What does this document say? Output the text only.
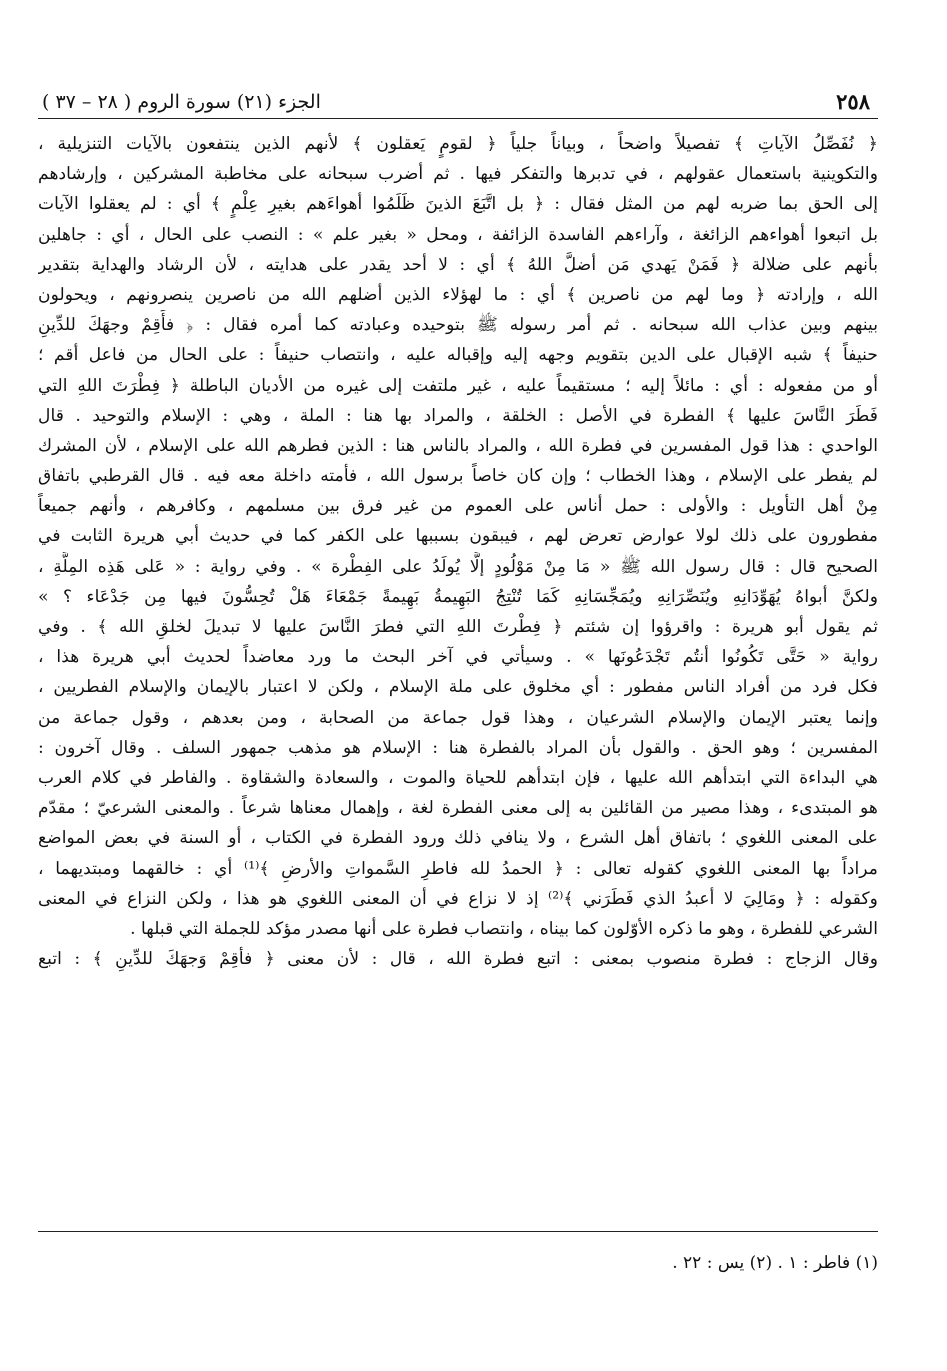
٢٥٨
الجزء (٢١) سورة الروم ( ٢٨ – ٣٧ )
﴿ نُفَصِّلُ الآياتِ ﴾ تفصيلاً واضحاً ، وبياناً جلياً ﴿ لقومٍ يَعقلون ﴾ لأنهم الذين ينتفعون بالآيات التنزيلية ،
والتكوينية باستعمال عقولهم ، في تدبرها والتفكر فيها . ثم أضرب سبحانه على مخاطبة المشركين ، وإرشادهم
إلى الحق بما ضربه لهم من المثل فقال : ﴿ بل اتَّبَعَ الذينَ ظَلَمُوا أهواءَهم بغيرِ عِلْمٍ ﴾ أي : لم يعقلوا الآيات
بل اتبعوا أهواءهم الزائغة ، وآراءهم الفاسدة الزائفة ، ومحل « بغير علم » : النصب على الحال ، أي : جاهلين
بأنهم على ضلالة ﴿ فَمَنْ يَهدي مَن أضلَّ اللهُ ﴾ أي : لا أحد يقدر على هدايته ، لأن الرشاد والهداية بتقدير
الله ، وإرادته ﴿ وما لهم من ناصرين ﴾ أي : ما لهؤلاء الذين أضلهم الله من ناصرين ينصرونهم ، ويحولون
بينهم وبين عذاب الله سبحانه . ثم أمر رسوله ﷺ بتوحيده وعبادته كما أمره فقال : ﴿ فأَقِمْ وجهَكَ للدِّينِ
حنيفاً ﴾ شبه الإقبال على الدين بتقويم وجهه إليه وإقباله عليه ، وانتصاب حنيفاً : على الحال من فاعل أقم ؛
أو من مفعوله : أي : مائلاً إليه ؛ مستقيماً عليه ، غير ملتفت إلى غيره من الأديان الباطلة ﴿ فِطْرَتَ اللهِ التي
فَطَرَ النَّاسَ عليها ﴾ الفطرة في الأصل : الخلقة ، والمراد بها هنا : الملة ، وهي : الإسلام والتوحيد . قال
الواحدي : هذا قول المفسرين في فطرة الله ، والمراد بالناس هنا : الذين فطرهم الله على الإسلام ، لأن المشرك
لم يفطر على الإسلام ، وهذا الخطاب ؛ وإن كان خاصاً برسول الله ، فأمته داخلة معه فيه . قال القرطبي باتفاق
مِنْ أهل التأويل : والأولى : حمل أناس على العموم من غير فرق بين مسلمهم ، وكافرهم ، وأنهم جميعاً
مفطورون على ذلك لولا عوارض تعرض لهم ، فيبقون بسببها على الكفر كما في حديث أبي هريرة الثابت في
الصحيح قال : قال رسول الله ﷺ « مَا مِنْ مَوْلُودٍ إلَّا يُولَدُ على الفِطْرة » . وفي رواية : « عَلى هَذِه المِلَّةِ ،
ولكنَّ أبواهُ يُهَوِّدَانِهِ ويُنَصِّرَانِهِ ويُمَجِّسَانِهِ كَمَا تُنْتِجُ البَهِيمةُ بَهِيمةً جَمْعَاءَ هَلْ تُحِسُّونَ فيها مِن جَدْعَاء ؟ »
ثم يقول أبو هريرة : واقرؤوا إن شئتم ﴿ فِطْرتَ اللهِ التي فطرَ النَّاسَ عليها لا تبديلَ لخلقِ الله ﴾ . وفي
رواية « حَتَّى تَكُونُوا أنتُم تَجْدَعُونَها » . وسيأتي في آخر البحث ما ورد معاضداً لحديث أبي هريرة هذا ،
فكل فرد من أفراد الناس مفطور : أي مخلوق على ملة الإسلام ، ولكن لا اعتبار بالإيمان والإسلام الفطريين ،
وإنما يعتبر الإيمان والإسلام الشرعيان ، وهذا قول جماعة من الصحابة ، ومن بعدهم ، وقول جماعة من
المفسرين ؛ وهو الحق . والقول بأن المراد بالفطرة هنا : الإسلام هو مذهب جمهور السلف . وقال آخرون :
هي البداءة التي ابتدأهم الله عليها ، فإن ابتدأهم للحياة والموت ، والسعادة والشقاوة . والفاطر في كلام العرب
هو المبتدىء ، وهذا مصير من القائلين به إلى معنى الفطرة لغة ، وإهمال معناها شرعاً . والمعنى الشرعيّ ؛ مقدّم
على المعنى اللغوي ؛ باتفاق أهل الشرع ، ولا ينافي ذلك ورود الفطرة في الكتاب ، أو السنة في بعض المواضع
مراداً بها المعنى اللغوي كقوله تعالى : ﴿ الحمدُ لله فاطرِ السَّمواتِ والأرضِ ﴾⁽¹⁾ أي : خالقهما ومبتديهما ،
وكقوله : ﴿ ومَالِيَ لا أعبدُ الذي فَطَرَني ﴾⁽²⁾ إذ لا نزاع في أن المعنى اللغوي هو هذا ، ولكن النزاع في المعنى
الشرعي للفطرة ، وهو ما ذكره الأوّلون كما بيناه ، وانتصاب فطرة على أنها مصدر مؤكد للجملة التي قبلها .
وقال الزجاج : فطرة منصوب بمعنى : اتبع فطرة الله ، قال : لأن معنى ﴿ فأقِمْ وَجهَكَ للدِّينِ ﴾ : اتبع
(١) فاطر : ١ . (٢) يس : ٢٢ .
